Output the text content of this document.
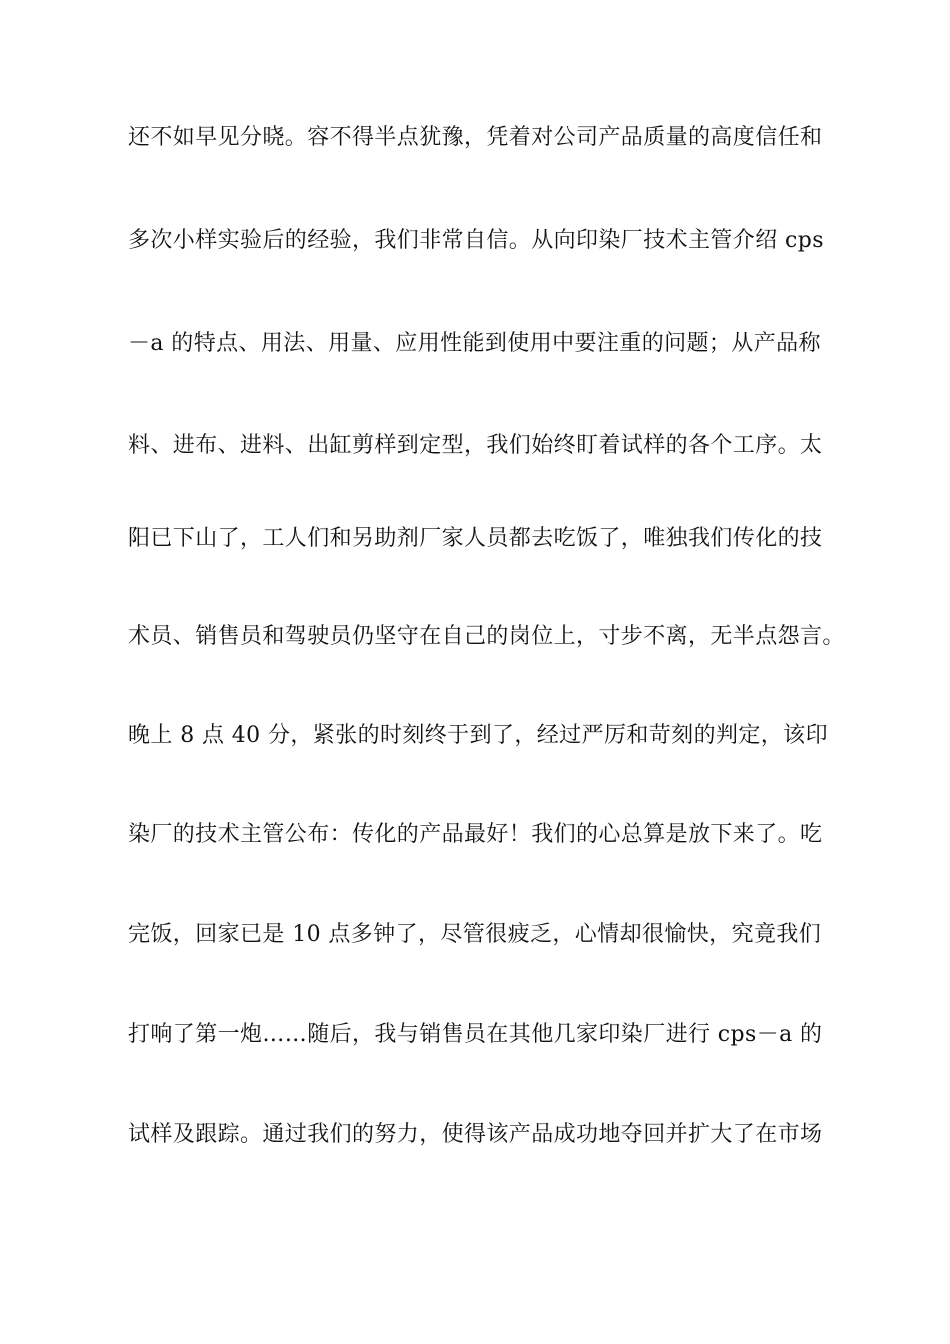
还不如早见分晓。容不得半点犹豫，凭着对公司产品质量的高度信任和
多次小样实验后的经验，我们非常自信。从向印染厂技术主管介绍 cps
－a 的特点、用法、用量、应用性能到使用中要注重的问题；从产品称
料、进布、进料、出缸剪样到定型，我们始终盯着试样的各个工序。太
阳已下山了，工人们和另助剂厂家人员都去吃饭了，唯独我们传化的技
术员、销售员和驾驶员仍坚守在自己的岗位上，寸步不离，无半点怨言。
晚上 8 点 40 分，紧张的时刻终于到了，经过严厉和苛刻的判定，该印
染厂的技术主管公布：传化的产品最好！我们的心总算是放下来了。吃
完饭，回家已是 10 点多钟了，尽管很疲乏，心情却很愉快，究竟我们
打响了第一炮……随后，我与销售员在其他几家印染厂进行 cps－a 的
试样及跟踪。通过我们的努力，使得该产品成功地夺回并扩大了在市场
